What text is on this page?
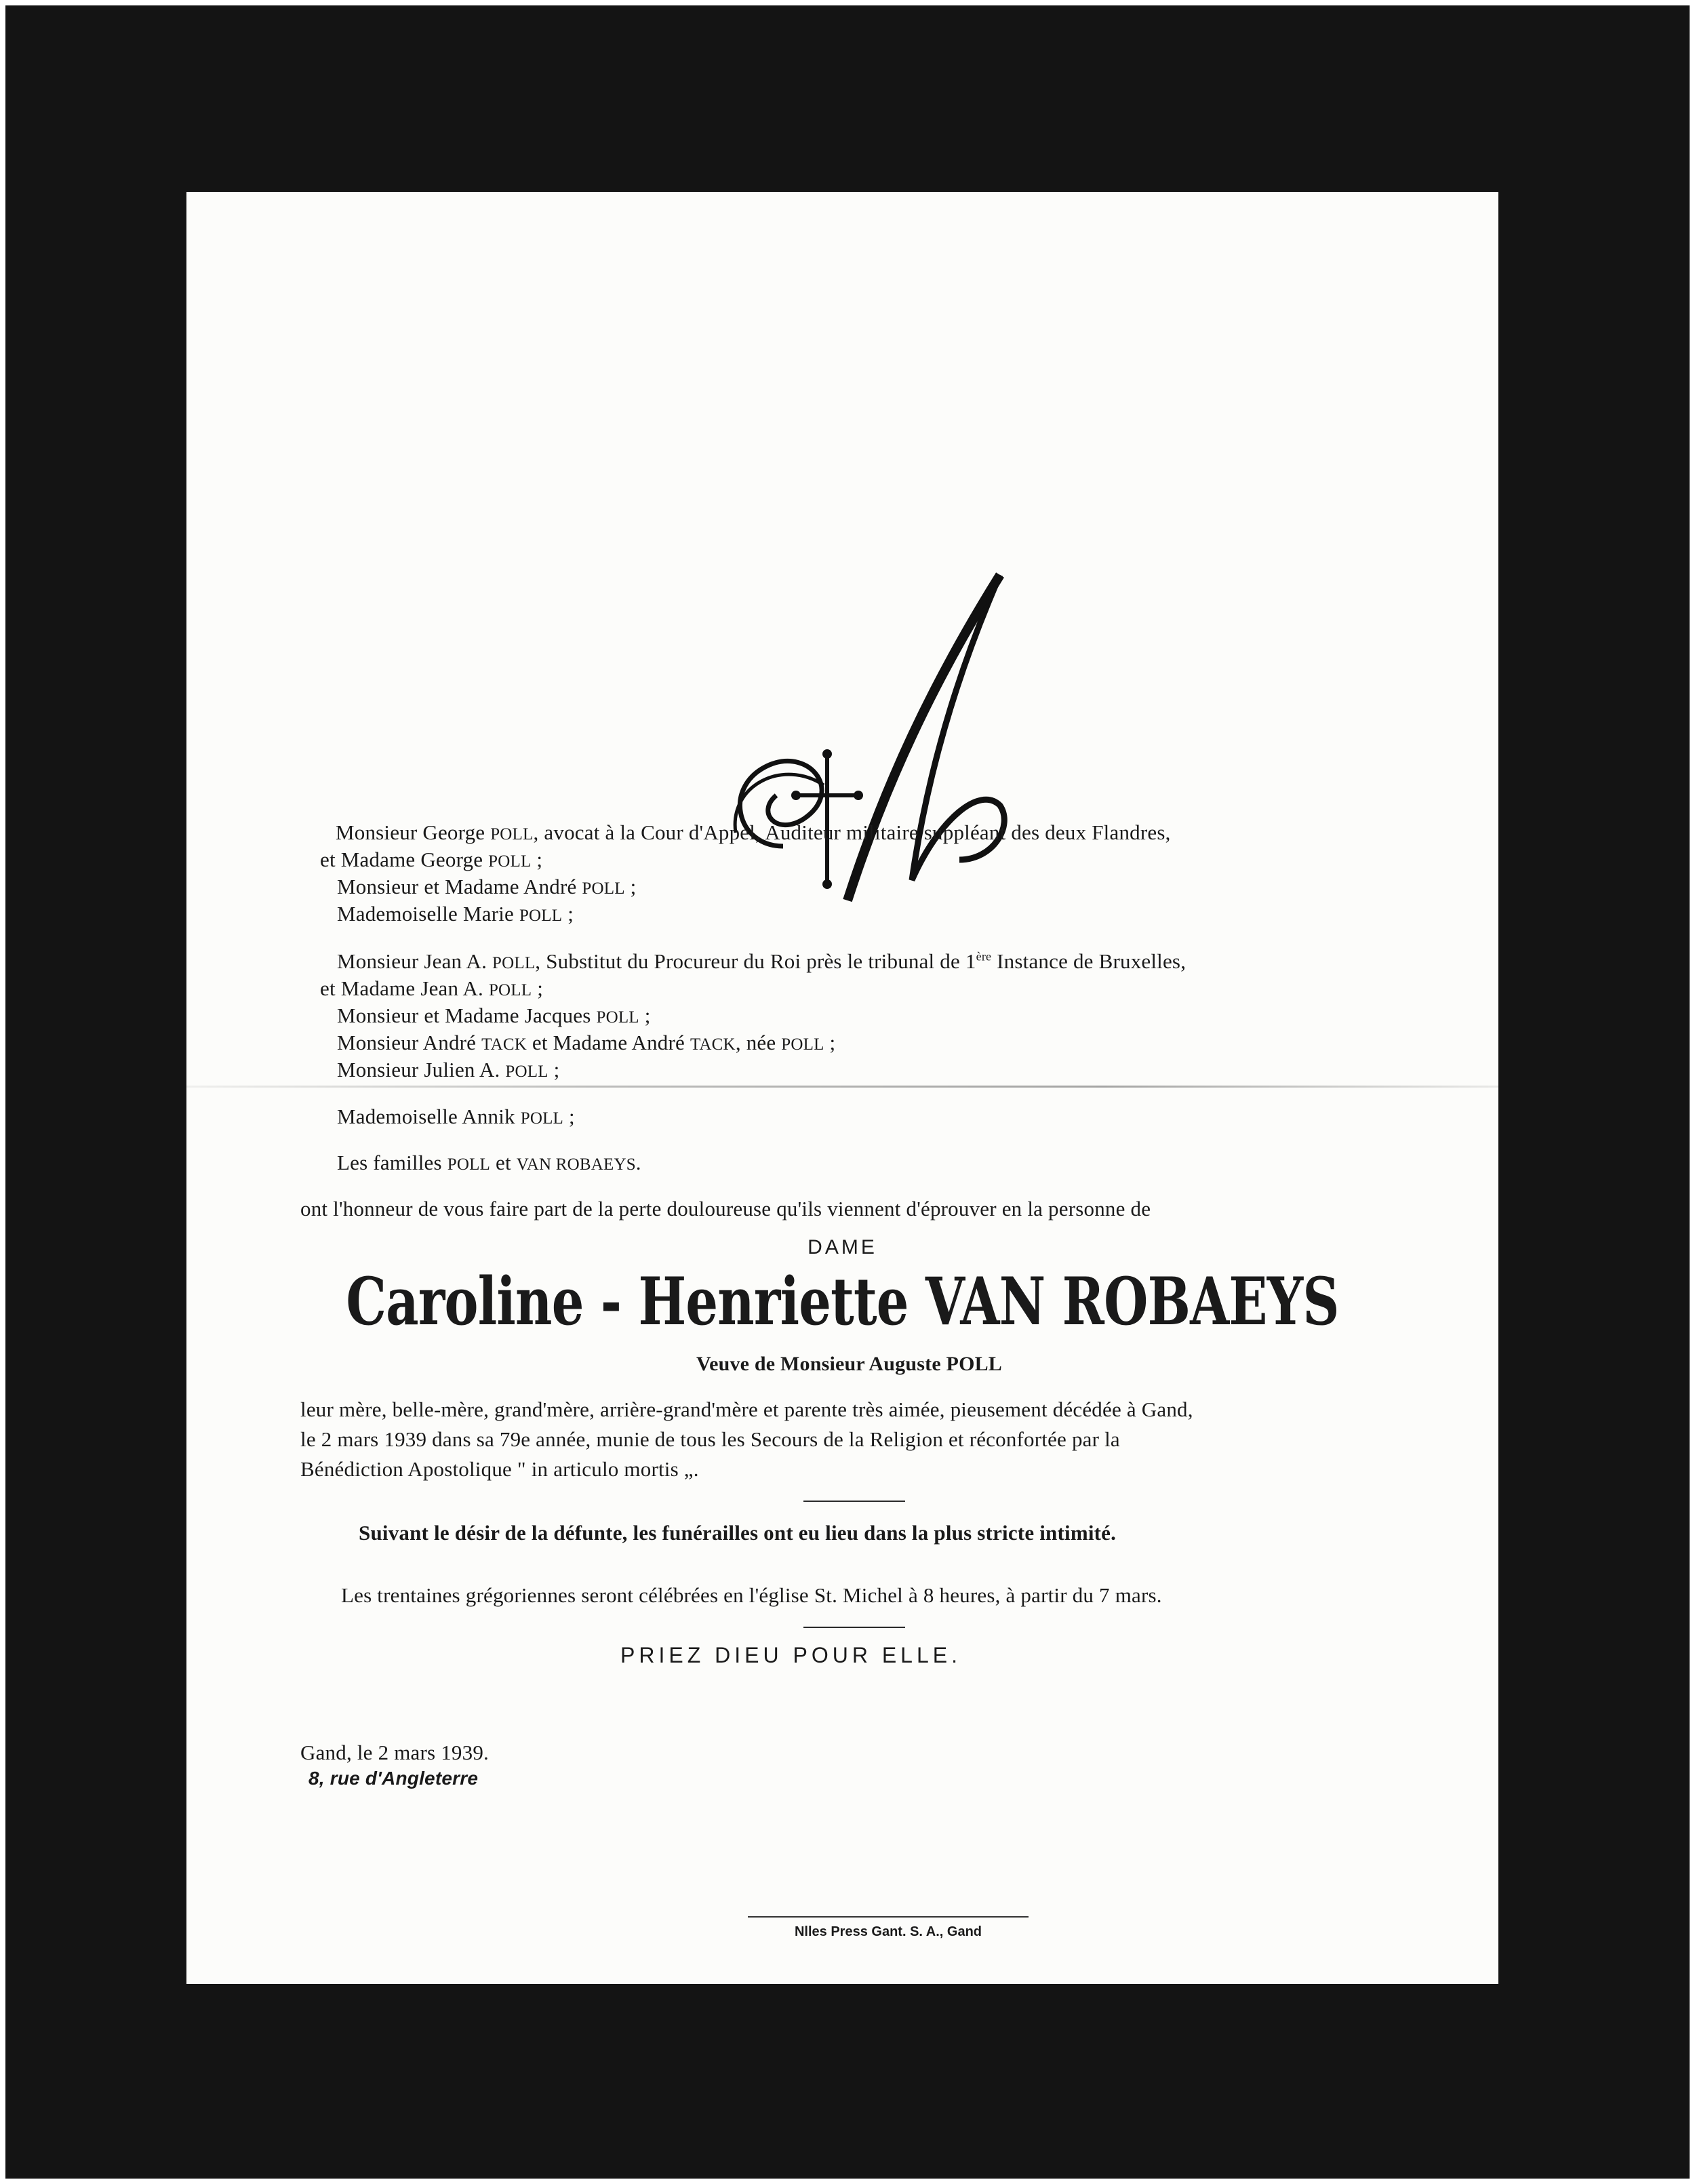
Monsieur George POLL, avocat à la Cour d'Appel, Auditeur militaire suppléant des deux Flandres,
et Madame George POLL ;
Monsieur et Madame André POLL ;
Mademoiselle Marie POLL ;
Monsieur Jean A. POLL, Substitut du Procureur du Roi près le tribunal de 1ère Instance de Bruxelles,
et Madame Jean A. POLL ;
Monsieur et Madame Jacques POLL ;
Monsieur André TACK et Madame André TACK, née POLL ;
Monsieur Julien A. POLL ;
Mademoiselle Annik POLL ;
Les familles POLL et VAN ROBAEYS.
ont l'honneur de vous faire part de la perte douloureuse qu'ils viennent d'éprouver en la personne de
DAME
Caroline - Henriette VAN ROBAEYS
Veuve de Monsieur Auguste POLL
leur mère, belle-mère, grand'mère, arrière-grand'mère et parente très aimée, pieusement décédée à Gand,
le 2 mars 1939 dans sa 79e année, munie de tous les Secours de la Religion et réconfortée par la
Bénédiction Apostolique " in articulo mortis „.
Suivant le désir de la défunte, les funérailles ont eu lieu dans la plus stricte intimité.
Les trentaines grégoriennes seront célébrées en l'église St. Michel à 8 heures, à partir du 7 mars.
PRIEZ DIEU POUR ELLE.
Gand, le 2 mars 1939.
8, rue d'Angleterre
Nlles Press Gant. S. A., Gand
